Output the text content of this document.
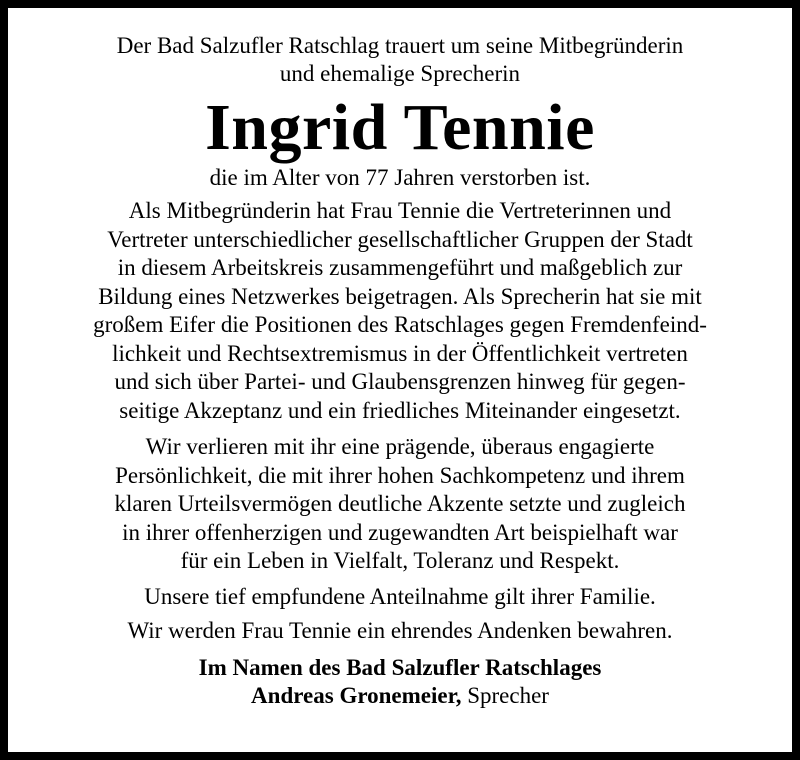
Der Bad Salzufler Ratschlag trauert um seine Mitbegründerin
und ehemalige Sprecherin
Ingrid Tennie
die im Alter von 77 Jahren verstorben ist.
Als Mitbegründerin hat Frau Tennie die Vertreterinnen und
Vertreter unterschiedlicher gesellschaftlicher Gruppen der Stadt
in diesem Arbeitskreis zusammengeführt und maßgeblich zur
Bildung eines Netzwerkes beigetragen. Als Sprecherin hat sie mit
großem Eifer die Positionen des Ratschlages gegen Fremdenfeind-
lichkeit und Rechtsextremismus in der Öffentlichkeit vertreten
und sich über Partei- und Glaubensgrenzen hinweg für gegen-
seitige Akzeptanz und ein friedliches Miteinander eingesetzt.
Wir verlieren mit ihr eine prägende, überaus engagierte
Persönlichkeit, die mit ihrer hohen Sachkompetenz und ihrem
klaren Urteilsvermögen deutliche Akzente setzte und zugleich
in ihrer offenherzigen und zugewandten Art beispielhaft war
für ein Leben in Vielfalt, Toleranz und Respekt.
Unsere tief empfundene Anteilnahme gilt ihrer Familie.
Wir werden Frau Tennie ein ehrendes Andenken bewahren.
Im Namen des Bad Salzufler Ratschlages
Andreas Gronemeier, Sprecher
